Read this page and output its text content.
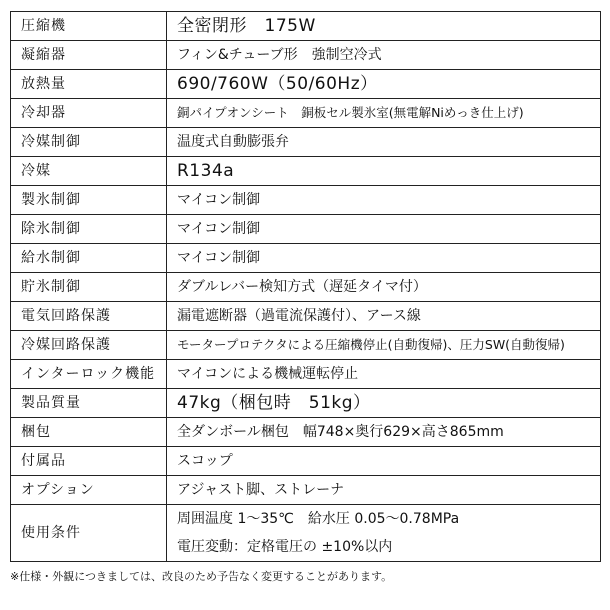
圧縮機	全密閉形　175W
凝縮器	フィン&チューブ形　強制空冷式
放熱量	690/760W（50/60Hz）
冷却器	銅パイプオンシート　銅板セル製氷室(無電解Niめっき仕上げ)
冷媒制御	温度式自動膨張弁
冷媒	R134a
製氷制御	マイコン制御
除氷制御	マイコン制御
給水制御	マイコン制御
貯氷制御	ダブルレバー検知方式（遅延タイマ付）
電気回路保護	漏電遮断器（過電流保護付）、アース線
冷媒回路保護	モータープロテクタによる圧縮機停止(自動復帰)、圧力SW(自動復帰)
インターロック機能	マイコンによる機械運転停止
製品質量	47kg（梱包時　51kg）
梱包	全ダンボール梱包　幅748×奥行629×高さ865mm
付属品	スコップ
オプション	アジャスト脚、ストレーナ
使用条件	周囲温度 1～35℃　給水圧 0.05～0.78MPa
電圧変動：定格電圧の ±10%以内
※仕様・外観につきましては、改良のため予告なく変更することがあります。
